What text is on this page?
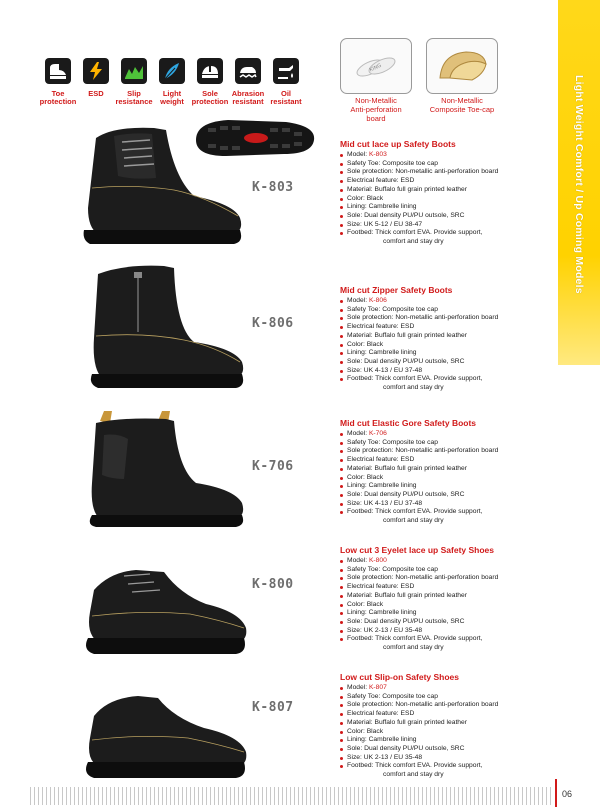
Toe
protection
ESD	Slip
resistance
Light
weight
Sole
protection
Abrasion
resistant
Oil
resistant
KING
Non-Metallic
Anti-perforation
board
Non-Metallic
Composite Toe-cap	Light Weight Comfort / Up Coming Models
K-803
Mid cut lace up Safety Boots
Model: K-803
Safety Toe: Composite toe cap
Sole protection: Non-metallic anti-perforation board
Electrical feature: ESD
Material: Buffalo full grain printed leather
Color: Black
Lining: Cambrelle lining
Sole: Dual density PU/PU outsole, SRC
Size: UK 5-12 / EU 38-47
Footbed: Thick comfort EVA. Provide support,
comfort and stay dry
K-806
Mid cut Zipper Safety Boots
Model: K-806
Safety Toe: Composite toe cap
Sole protection: Non-metallic anti-perforation board
Electrical feature: ESD
Material: Buffalo full grain printed leather
Color: Black
Lining: Cambrelle lining
Sole: Dual density PU/PU outsole, SRC
Size: UK 4-13 / EU 37-48
Footbed: Thick comfort EVA. Provide support,
comfort and stay dry
K-706
Mid cut Elastic Gore Safety Boots
Model: K-706
Safety Toe: Composite toe cap
Sole protection: Non-metallic anti-perforation board
Electrical feature: ESD
Material: Buffalo full grain printed leather
Color: Black
Lining: Cambrelle lining
Sole: Dual density PU/PU outsole, SRC
Size: UK 4-13 / EU 37-48
Footbed: Thick comfort EVA. Provide support,
comfort and stay dry
K-800
Low cut 3 Eyelet lace up Safety Shoes
Model: K-800
Safety Toe: Composite toe cap
Sole protection: Non-metallic anti-perforation board
Electrical feature: ESD
Material: Buffalo full grain printed leather
Color: Black
Lining: Cambrelle lining
Sole: Dual density PU/PU outsole, SRC
Size: UK 2-13 / EU 35-48
Footbed: Thick comfort EVA. Provide support,
comfort and stay dry
K-807
Low cut Slip-on Safety Shoes
Model: K-807
Safety Toe: Composite toe cap
Sole protection: Non-metallic anti-perforation board
Electrical feature: ESD
Material: Buffalo full grain printed leather
Color: Black
Lining: Cambrelle lining
Sole: Dual density PU/PU outsole, SRC
Size: UK 2-13 / EU 35-48
Footbed: Thick comfort EVA. Provide support,
comfort and stay dry
06
